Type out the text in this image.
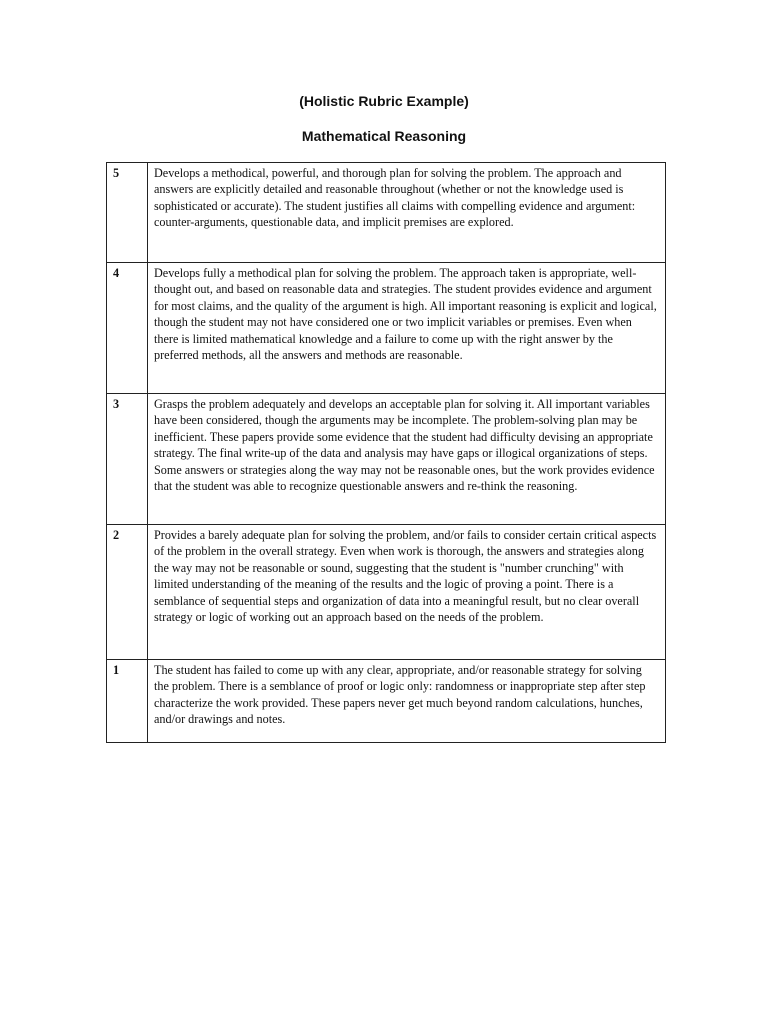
(Holistic Rubric Example)
Mathematical Reasoning
5	Develops a methodical, powerful, and thorough plan for solving the problem. The approach and answers are explicitly detailed and reasonable throughout (whether or not the knowledge used is sophisticated or accurate). The student justifies all claims with compelling evidence and argument: counter-arguments, questionable data, and implicit premises are explored.
4	Develops fully a methodical plan for solving the problem. The approach taken is appropriate, well-thought out, and based on reasonable data and strategies. The student provides evidence and argument for most claims, and the quality of the argument is high. All important reasoning is explicit and logical, though the student may not have considered one or two implicit variables or premises. Even when there is limited mathematical knowledge and a failure to come up with the right answer by the preferred methods, all the answers and methods are reasonable.
3	Grasps the problem adequately and develops an acceptable plan for solving it. All important variables have been considered, though the arguments may be incomplete. The problem-solving plan may be inefficient. These papers provide some evidence that the student had difficulty devising an appropriate strategy. The final write-up of the data and analysis may have gaps or illogical organizations of steps. Some answers or strategies along the way may not be reasonable ones, but the work provides evidence that the student was able to recognize questionable answers and re-think the reasoning.
2	Provides a barely adequate plan for solving the problem, and/or fails to consider certain critical aspects of the problem in the overall strategy. Even when work is thorough, the answers and strategies along the way may not be reasonable or sound, suggesting that the student is "number crunching" with limited understanding of the meaning of the results and the logic of proving a point. There is a semblance of sequential steps and organization of data into a meaningful result, but no clear overall strategy or logic of working out an approach based on the needs of the problem.
1	The student has failed to come up with any clear, appropriate, and/or reasonable strategy for solving the problem. There is a semblance of proof or logic only: randomness or inappropriate step after step characterize the work provided. These papers never get much beyond random calculations, hunches, and/or drawings and notes.
